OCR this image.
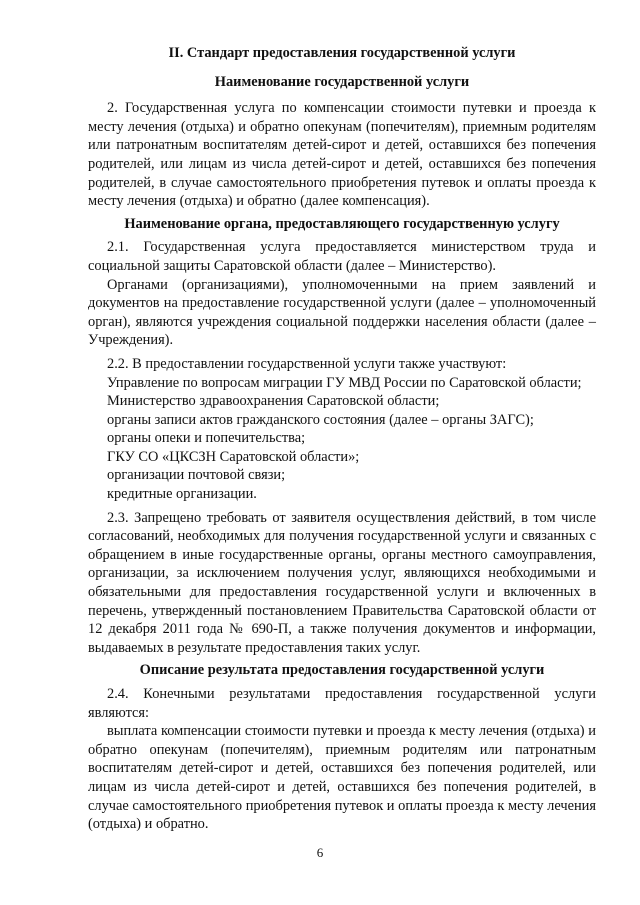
II. Стандарт предоставления государственной услуги

Наименование государственной услуги

2. Государственная услуга по компенсации стоимости путевки и проезда к месту лечения (отдыха) и обратно опекунам (попечителям), приемным родителям или патронатным воспитателям детей-сирот и детей, оставшихся без попечения родителей, или лицам из числа детей-сирот и детей, оставшихся без попечения родителей, в случае самостоятельного приобретения путевок и оплаты проезда к месту лечения (отдыха) и обратно (далее компенсация).

Наименование органа, предоставляющего государственную услугу

2.1. Государственная услуга предоставляется министерством труда и социальной защиты Саратовской области (далее – Министерство).

Органами (организациями), уполномоченными на прием заявлений и документов на предоставление государственной услуги (далее – уполномоченный орган), являются учреждения социальной поддержки населения области (далее – Учреждения).

2.2. В предоставлении государственной услуги также участвуют:

Управление по вопросам миграции ГУ МВД России по Саратовской области;

Министерство здравоохранения Саратовской области;

органы записи актов гражданского состояния (далее – органы ЗАГС);

органы опеки и попечительства;

ГКУ СО «ЦКСЗН Саратовской области»;

организации почтовой связи;

кредитные организации.

2.3. Запрещено требовать от заявителя осуществления действий, в том числе согласований, необходимых для получения государственной услуги и связанных с обращением в иные государственные органы, органы местного самоуправления, организации, за исключением получения услуг, являющихся необходимыми и обязательными для предоставления государственной услуги и включенных в перечень, утвержденный постановлением Правительства Саратовской области от 12 декабря 2011 года № 690-П, а также получения документов и информации, выдаваемых в результате предоставления таких услуг.

Описание результата предоставления государственной услуги

2.4. Конечными результатами предоставления государственной услуги являются:

выплата компенсации стоимости путевки и проезда к месту лечения (отдыха) и обратно опекунам (попечителям), приемным родителям или патронатным воспитателям детей-сирот и детей, оставшихся без попечения родителей, или лицам из числа детей-сирот и детей, оставшихся без попечения родителей, в случае самостоятельного приобретения путевок и оплаты проезда к месту лечения (отдыха) и обратно.

6
